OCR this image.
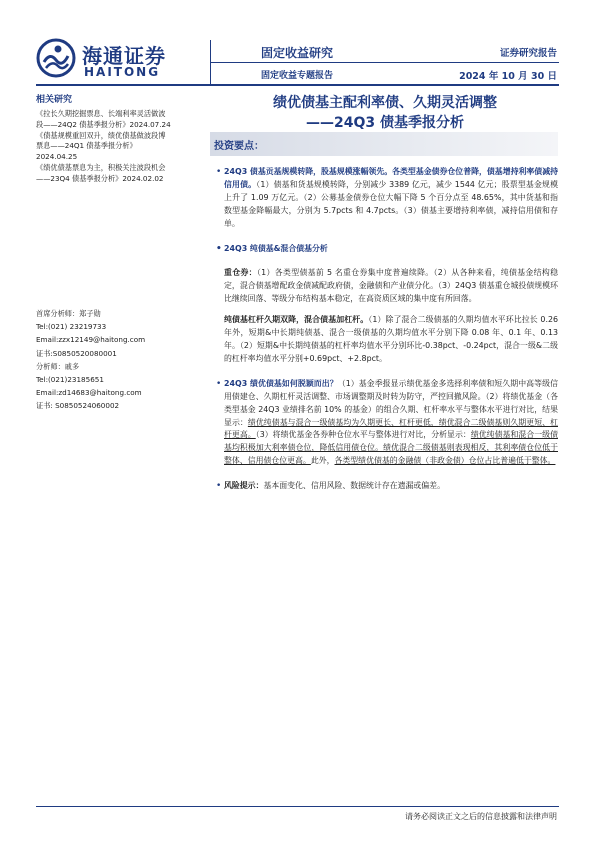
海通证券
HAITONG
固定收益研究
固定收益专题报告
证券研究报告
2024 年 10 月 30 日
绩优债基主配利率债、久期灵活调整
——24Q3 债基季报分析
相关研究
《拉长久期挖掘票息、长端利率灵活做波
段——24Q2 债基季报分析》2024.07.24
《债基规模重回双升，绩优债基做波段博
票息——24Q1 债基季报分析》
2024.04.25
《绩优债基票息为主，积极关注波段机会
——23Q4 债基季报分析》2024.02.02
首席分析师：郑子勋
Tel:(021) 23219733
Email:zzx12149@haitong.com
证书:S0850520080001
分析师：戚多
Tel:(021)23185651
Email:zd14683@haitong.com
证书: S0850524060002
投资要点：
• 24Q3 债基贡基规模转降，股基规模涨幅领先。各类型基金债券仓位普降，债基增持利率债减持信用债。（1）债基和货基规模转降，分别减少 3389 亿元，减少 1544 亿元；股票型基金规模上升了 1.09 万亿元。（2）公募基金债券仓位大幅下降 5 个百分点至 48.65%，其中货基和指数型基金降幅最大，分别为 5.7pcts 和 4.7pcts。（3）债基主要增持利率债，减持信用债和存单。
• 24Q3 纯债基&混合债基分析
重仓券：（1）各类型债基前 5 名重仓券集中度普遍续降。（2）从各种来看，纯债基金结构稳定，混合债基增配政金债减配政府债，金融债和产业债分化。（3）24Q3 债基重仓城投债规模环比继续回落、等级分布结构基本稳定，在高资质区域的集中度有所回落。
纯债基杠杆久期双降，混合债基加杠杆。（1）除了混合二级债基的久期均值水平环比拉长 0.26 年外，短期&中长期纯债基、混合一级债基的久期均值水平分别下降 0.08 年、0.1 年、0.13 年。（2）短期&中长期纯债基的杠杆率均值水平分别环比-0.38pct、-0.24pct，混合一级&二级的杠杆率均值水平分别+0.69pct、+2.8pct。
• 24Q3 绩优债基如何脱颖而出？（1）基金季报显示绩优基金多选择利率债和短久期中高等级信用债建仓、久期杠杆灵活调整、市场调整期及时转为防守，严控回撤风险。（2）将绩优基金（各类型基金 24Q3 业绩排名前 10% 的基金）的组合久期、杠杆率水平与整体水平进行对比，结果显示：绩优纯债基与混合一级债基均为久期更长、杠杆更低，绩优混合二级债基则久期更短、杠杆更高。（3）将绩优基金各券种仓位水平与整体进行对比，分析显示：绩优纯债基和混合一级债基均积极加大利率债仓位，降低信用债仓位。绩优混合二级债基则表现相反，其利率债仓位低于整体、信用债仓位更高。此外，各类型绩优债基的金融债（非政金债）仓位占比普遍低于整体。
• 风险提示：基本面变化、信用风险、数据统计存在遗漏或偏差。
请务必阅读正文之后的信息披露和法律声明
